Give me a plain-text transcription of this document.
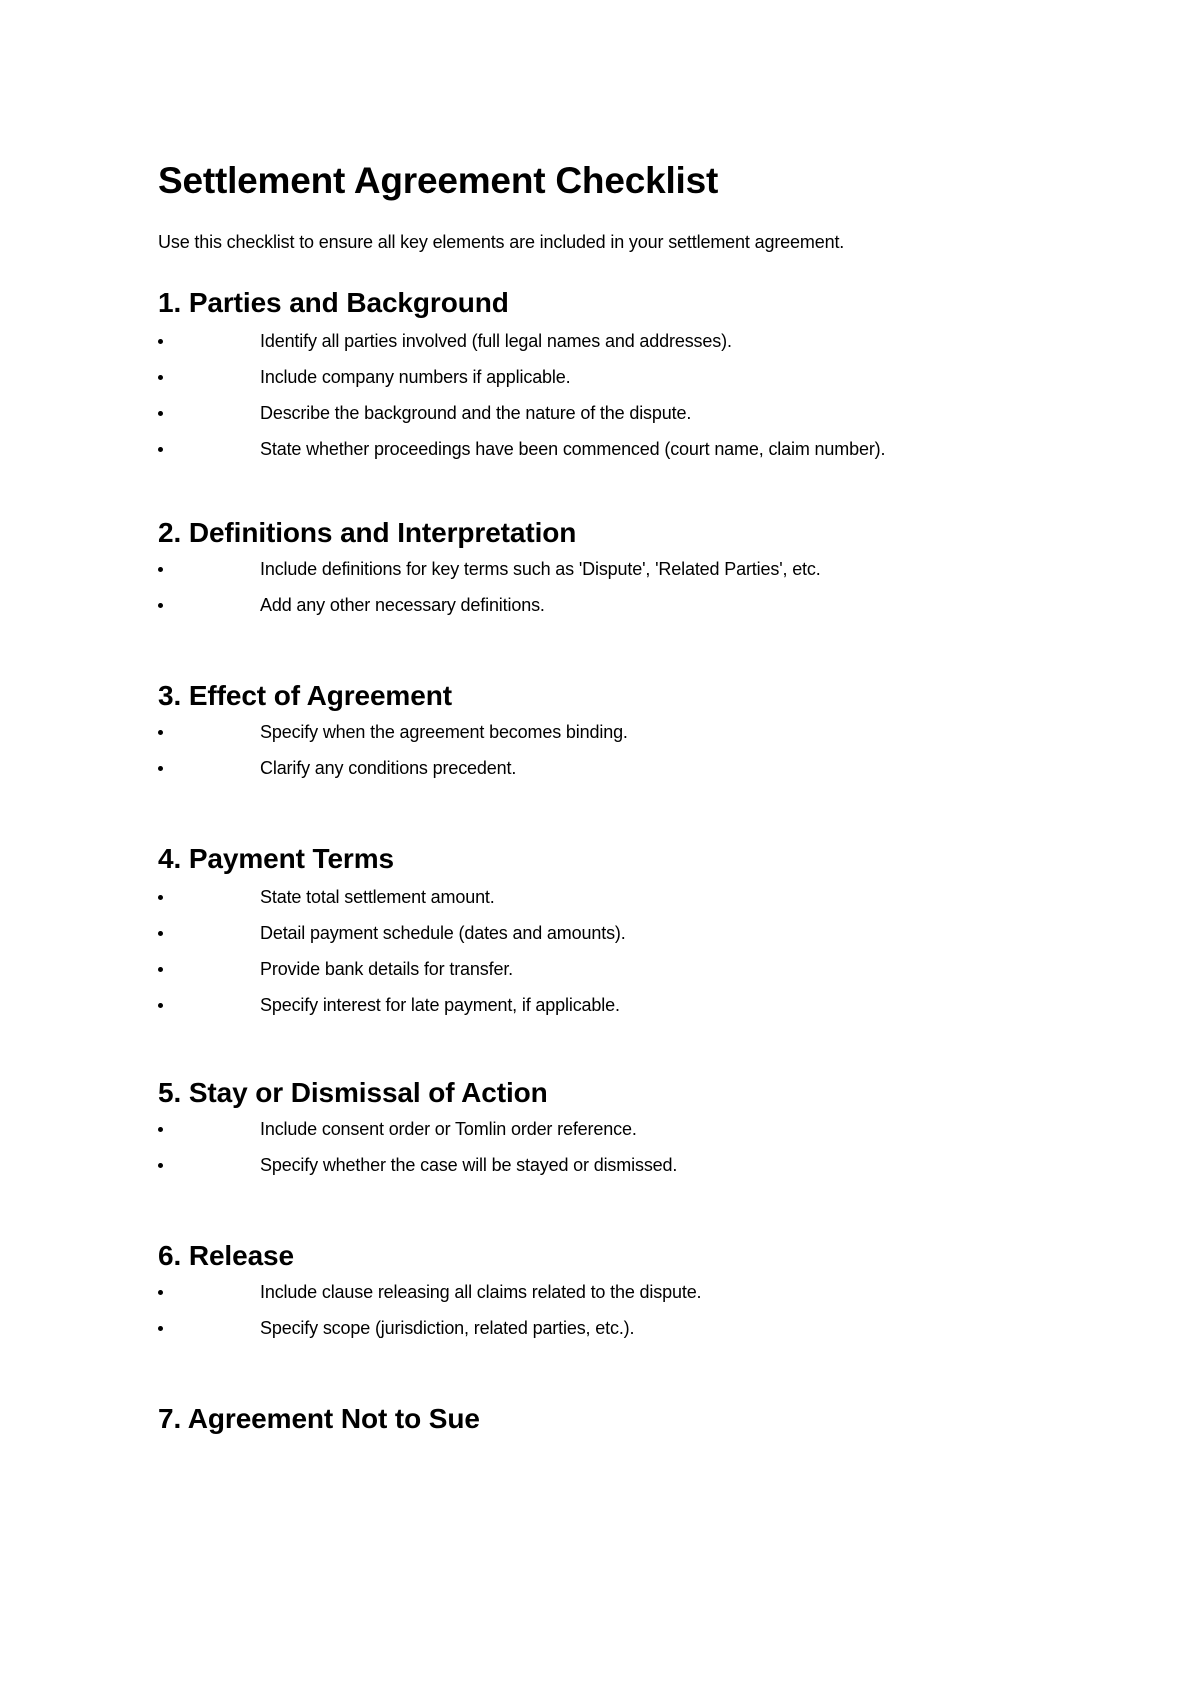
Settlement Agreement Checklist

Use this checklist to ensure all key elements are included in your settlement agreement.

1. Parties and Background
Identify all parties involved (full legal names and addresses).
Include company numbers if applicable.
Describe the background and the nature of the dispute.
State whether proceedings have been commenced (court name, claim number).
2. Definitions and Interpretation
Include definitions for key terms such as 'Dispute', 'Related Parties', etc.
Add any other necessary definitions.
3. Effect of Agreement
Specify when the agreement becomes binding.
Clarify any conditions precedent.
4. Payment Terms
State total settlement amount.
Detail payment schedule (dates and amounts).
Provide bank details for transfer.
Specify interest for late payment, if applicable.
5. Stay or Dismissal of Action
Include consent order or Tomlin order reference.
Specify whether the case will be stayed or dismissed.
6. Release
Include clause releasing all claims related to the dispute.
Specify scope (jurisdiction, related parties, etc.).
7. Agreement Not to Sue
